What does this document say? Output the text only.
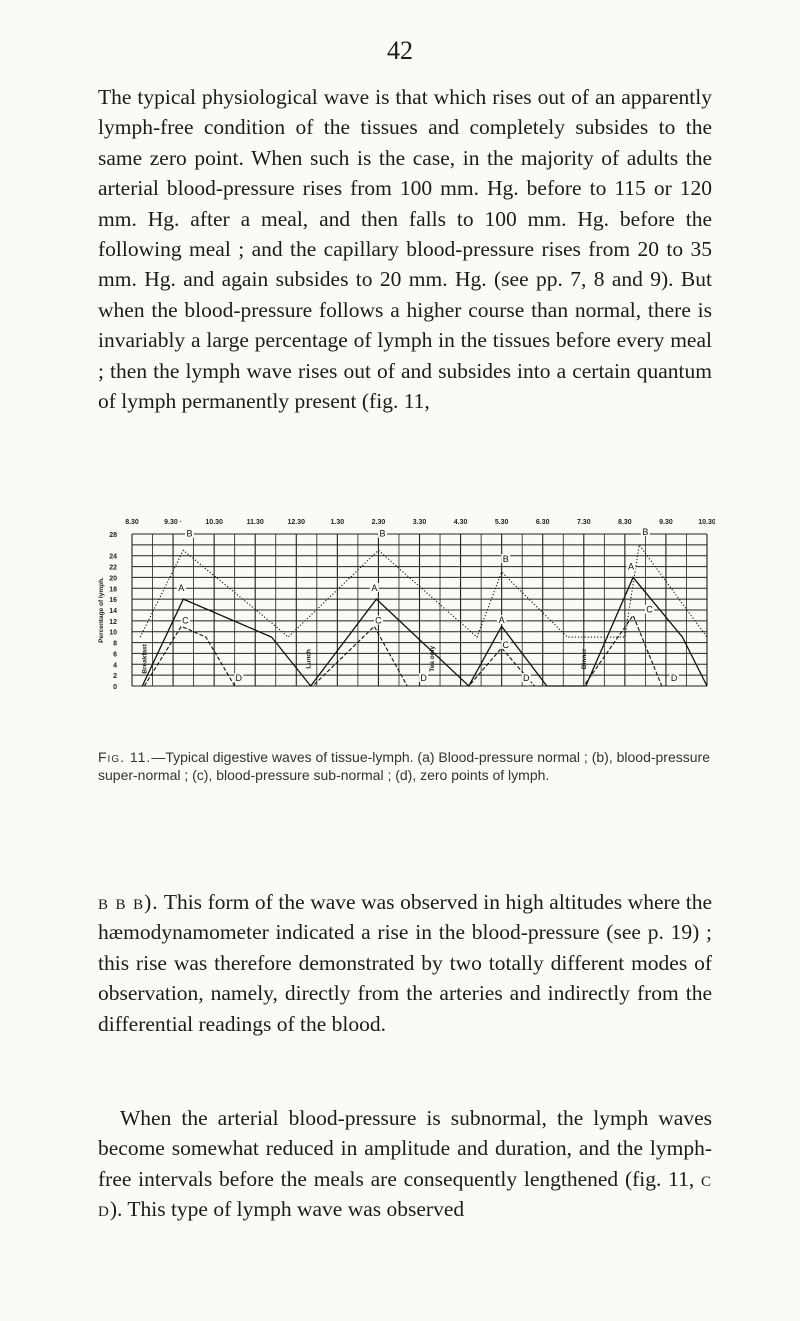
42

The typical physiological wave is that which rises out of an apparently lymph-free condition of the tissues and completely subsides to the same zero point. When such is the case, in the majority of adults the arterial blood-pressure rises from 100 mm. Hg. before to 115 or 120 mm. Hg. after a meal, and then falls to 100 mm. Hg. before the following meal ; and the capillary blood-pressure rises from 20 to 35 mm. Hg. and again subsides to 20 mm. Hg. (see pp. 7, 8 and 9). But when the blood-pressure follows a higher course than normal, there is invariably a large percentage of lymph in the tissues before every meal ; then the lymph wave rises out of and subsides into a certain quantum of lymph permanently present (fig. 11,

8.30	9.30 ·	10.30	11.30	12.30	1.30	2.30	3.30	4.30	5.30	6.30	7.30	8.30	9.30	10.30
28
24
22
20
18
16
14
12
10
8
6
4
2
0
Percentage of lymph.
Breakfast	Lunch	Tea only	Dinner
B	B
B
B
A	A
A
A
C	C
C
C
D	D	D	D

Fig. 11.—Typical digestive waves of tissue-lymph. (a) Blood-pressure normal ; (b), blood-pressure super-normal ; (c), blood-pressure sub-normal ; (d), zero points of lymph.

b b b). This form of the wave was observed in high altitudes where the hæmodynamometer indicated a rise in the blood-pressure (see p. 19) ; this rise was therefore demonstrated by two totally different modes of observation, namely, directly from the arteries and indirectly from the differential readings of the blood.

When the arterial blood-pressure is subnormal, the lymph waves become somewhat reduced in amplitude and duration, and the lymph-free intervals before the meals are consequently lengthened (fig. 11, c d). This type of lymph wave was observed
